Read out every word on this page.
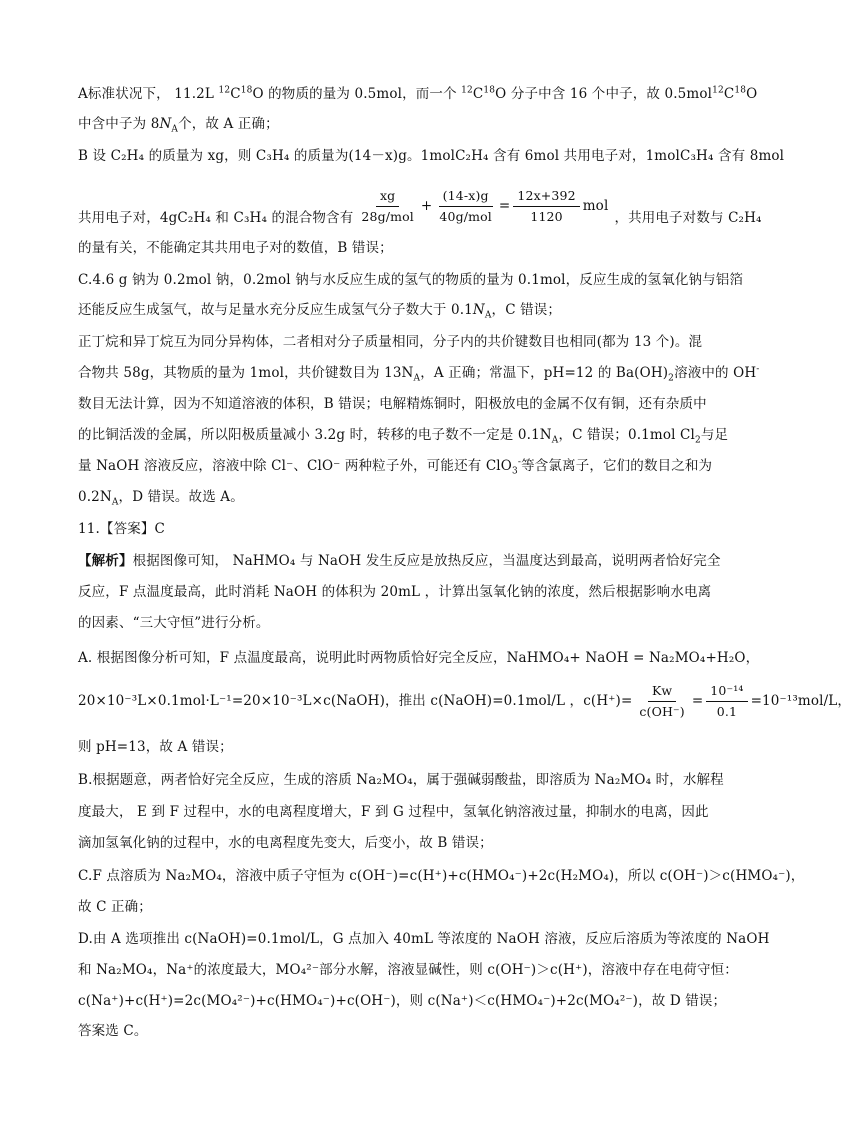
A标准状况下， 11.2L $^{12}C^{18}O$ 的物质的量为 0.5mol，而一个 $^{12}C^{18}O$ 分子中含 16 个中子，故 $0.5mol^{12}C^{18}O$
中含中子为 $8N_A$个，故 A 正确；
B 设 C₂H₄ 的质量为 xg，则 C₃H₄ 的质量为(14－x)g。1molC₂H₄ 含有 6mol 共用电子对，1molC₃H₄ 含有 8mol
共用电子对，4gC₂H₄ 和 C₃H₄ 的混合物含有 $\frac{xg}{\text{28g/mol}} + \frac{(14-x)g}{\text{40g/mol}} = \frac{12x+392}{1120}$ mol
，共用电子对数与 C₂H₄
的量有关，不能确定其共用电子对的数值，B 错误；
C.4.6 g 钠为 0.2mol 钠，0.2mol 钠与水反应生成的氢气的物质的量为 0.1mol，反应生成的氢氧化钠与铝箔
还能反应生成氢气，故与足量水充分反应生成氢气分子数大于 $0.1N_A$，C 错误；
正丁烷和异丁烷互为同分异构体，二者相对分子质量相同，分子内的共价键数目也相同(都为 13 个)。混
合物共 58g，其物质的量为 1mol，共价键数目为 $13N_A$，A 正确；常温下，pH=12 的 $Ba(OH)_2$溶液中的 OH-
数目无法计算，因为不知道溶液的体积，B 错误；电解精炼铜时，阳极放电的金属不仅有铜，还有杂质中
的比铜活泼的金属，所以阳极质量减小 3.2g 时，转移的电子数不一定是 $0.1N_A$，C 错误；0.1mol $Cl_2$与足
量 NaOH 溶液反应，溶液中除 Cl⁻、ClO⁻ 两种粒子外，可能还有 ClO$_3$-等含氯离子，它们的数目之和为
$0.2N_A$，D 错误。故选 A。
11.【答案】C
【解析】根据图像可知， NaHMO₄ 与 NaOH 发生反应是放热反应，当温度达到最高，说明两者恰好完全
反应，F 点温度最高，此时消耗 NaOH 的体积为 20mL ，计算出氢氧化钠的浓度，然后根据影响水电离
的因素、“三大守恒”进行分析。
A. 根据图像分析可知，F 点温度最高，说明此时两物质恰好完全反应，NaHMO₄+ NaOH = Na₂MO₄+H₂O，
20×10⁻³L×0.1mol·L⁻¹=20×10⁻³L×c(NaOH)，推出 c(NaOH)=0.1mol/L ，$c(H^+)= \frac{Kw}{c(OH^-)} = \frac{\text{10⁻¹⁴}}{0.1} =10^{-13}mol/L$，
则 pH=13，故 A 错误；
B.根据题意，两者恰好完全反应，生成的溶质 Na₂MO₄，属于强碱弱酸盐，即溶质为 Na₂MO₄ 时，水解程
度最大， E 到 F 过程中，水的电离程度增大，F 到 G 过程中，氢氧化钠溶液过量，抑制水的电离，因此
滴加氢氧化钠的过程中，水的电离程度先变大，后变小，故 B 错误；
C.F 点溶质为 Na₂MO₄，溶液中质子守恒为 c(OH⁻)=c(H⁺)+c(HMO₄⁻)+2c(H₂MO₄)，所以 c(OH⁻)＞c(HMO₄⁻)，
故 C 正确；
D.由 A 选项推出 c(NaOH)=0.1mol/L，G 点加入 40mL 等浓度的 NaOH 溶液，反应后溶质为等浓度的 NaOH
和 Na₂MO₄，Na⁺的浓度最大，MO₄²⁻部分水解，溶液显碱性，则 c(OH⁻)＞c(H⁺)，溶液中存在电荷守恒：
c(Na⁺)+c(H⁺)=2c(MO₄²⁻)+c(HMO₄⁻)+c(OH⁻)，则 c(Na⁺)＜c(HMO₄⁻)+2c(MO₄²⁻)，故 D 错误；
答案选 C。
